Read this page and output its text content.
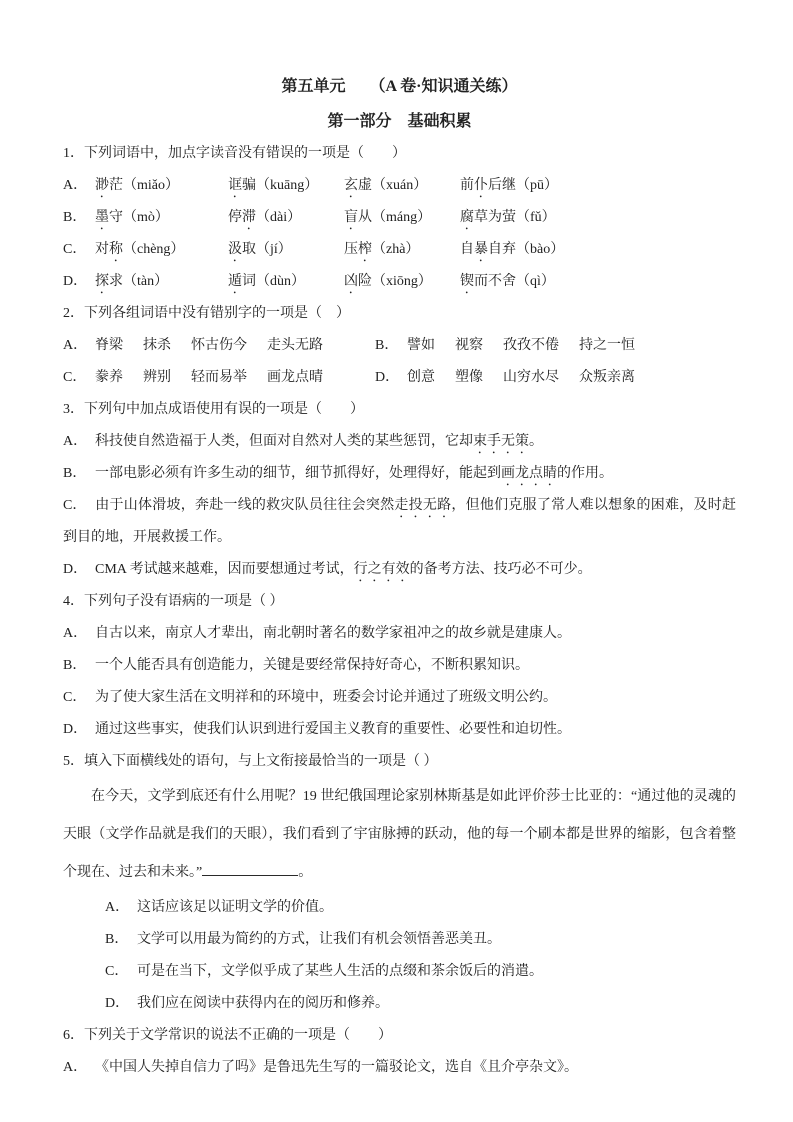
第五单元　　（A 卷·知识通关练）
第一部分　基础积累
1．下列词语中，加点字读音没有错误的一项是（　　）
A． 渺茫（miǎo）	诓骗（kuāng）	玄虚（xuán）	前仆后继（pū）
B． 墨守（mò）	停滞（dài）	盲从（máng）	腐草为萤（fǔ）
C． 对称（chèng）	汲取（jí）	压榨（zhà）	自暴自弃（bào）
D． 探求（tàn）	遁词（dùn）	凶险（xiōng）	锲而不舍（qì）
2．下列各组词语中没有错别字的一项是（　）
A． 脊梁 抹杀 怀古伤今 走头无路	B． 譬如 视察 孜孜不倦 持之一恒
C． 豢养 辨别 轻而易举 画龙点晴	D． 创意 塑像 山穷水尽 众叛亲离
3．下列句中加点成语使用有误的一项是（　　）
A． 科技使自然造福于人类，但面对自然对人类的某些惩罚，它却束手无策。
B． 一部电影必须有许多生动的细节，细节抓得好，处理得好，能起到画龙点睛的作用。
C． 由于山体滑坡，奔赴一线的救灾队员往往会突然走投无路，但他们克服了常人难以想象的困难，及时赶到目的地，开展救援工作。
D． CMA 考试越来越难，因而要想通过考试，行之有效的备考方法、技巧必不可少。
4．下列句子没有语病的一项是（ ）
A． 自古以来，南京人才辈出，南北朝时著名的数学家祖冲之的故乡就是建康人。
B． 一个人能否具有创造能力，关键是要经常保持好奇心，不断积累知识。
C． 为了使大家生活在文明祥和的环境中，班委会讨论并通过了班级文明公约。
D． 通过这些事实，使我们认识到进行爱国主义教育的重要性、必要性和迫切性。
5．填入下面横线处的语句，与上文衔接最恰当的一项是（ ）
在今天，文学到底还有什么用呢？19 世纪俄国理论家别林斯基是如此评价莎士比亚的：“通过他的灵魂的天眼（文学作品就是我们的天眼），我们看到了宇宙脉搏的跃动，他的每一个刷本都是世界的缩影，包含着整个现在、过去和未来。”	。
A． 这话应该足以证明文学的价值。
B． 文学可以用最为简约的方式，让我们有机会领悟善恶美丑。
C． 可是在当下，文学似乎成了某些人生活的点缀和茶余饭后的消遣。
D． 我们应在阅读中获得内在的阅历和修养。
6．下列关于文学常识的说法不正确的一项是（　　）
A． 《中国人失掉自信力了吗》是鲁迅先生写的一篇驳论文，选自《且介亭杂文》。
